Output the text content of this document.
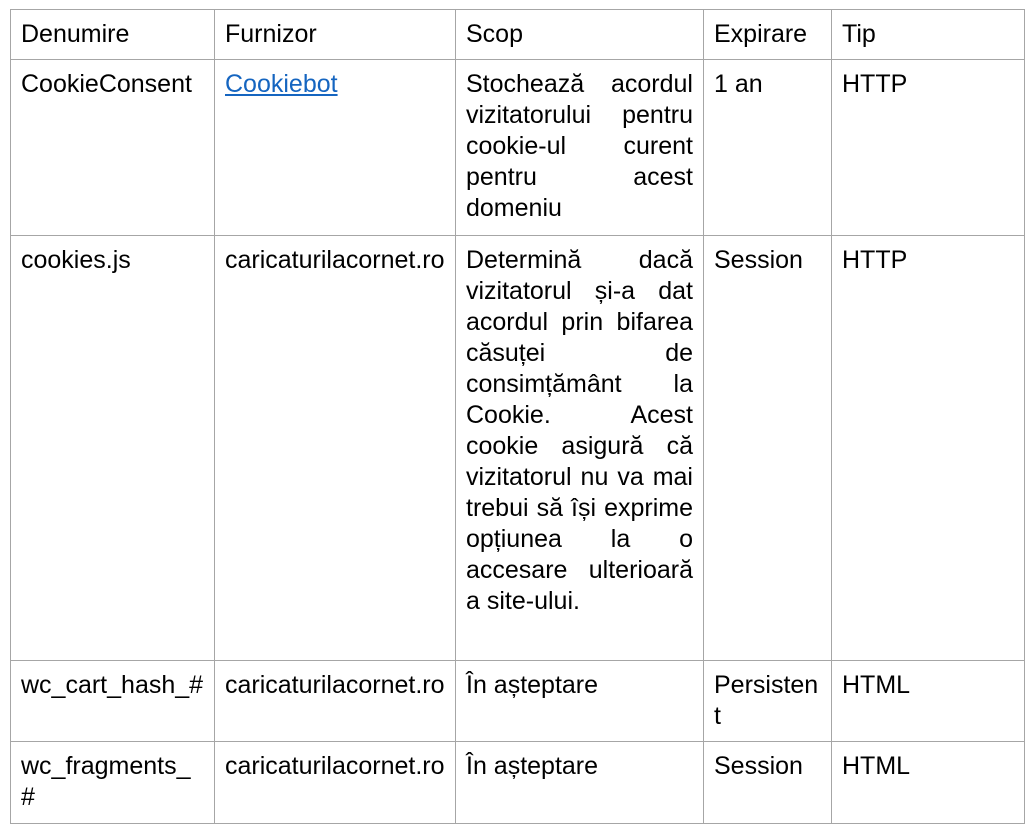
Denumire	Furnizor	Scop	Expirare	Tip
CookieConsent	Cookiebot	Stochează acordul vizitatorului pentru cookie-ul curent pentru acest domeniu	1 an	HTTP
cookies.js	caricaturilacornet.ro	Determină dacă vizitatorul și-a dat acordul prin bifarea căsuței de consimțământ la Cookie. Acest cookie asigură că vizitatorul nu va mai trebui să își exprime opțiunea la o accesare ulterioară a site-ului.	Session	HTTP
wc_cart_hash_#	caricaturilacornet.ro	În așteptare	Persistent	HTML
wc_fragments_#	caricaturilacornet.ro	În așteptare	Session	HTML
